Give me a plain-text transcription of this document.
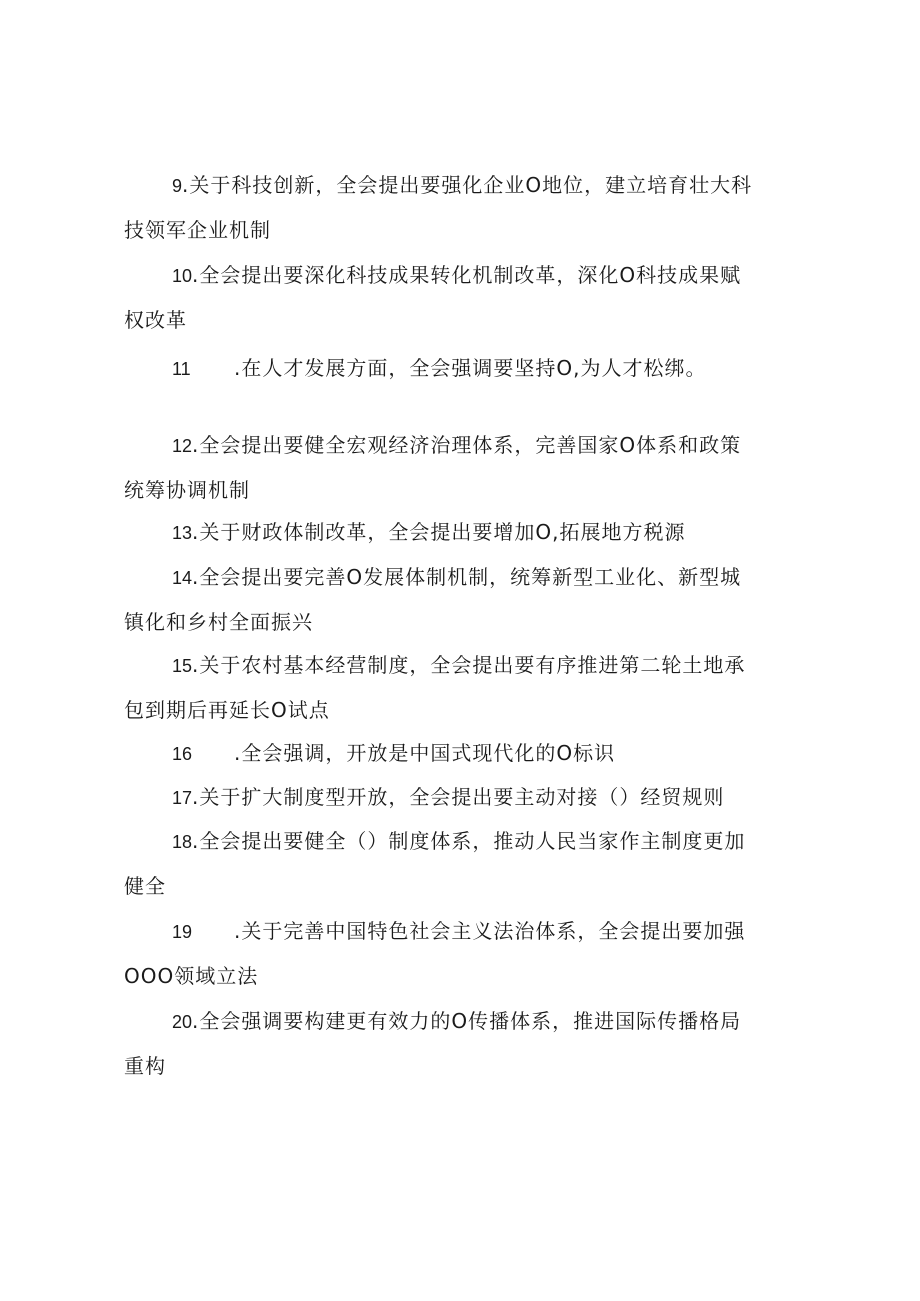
9.关于科技创新，全会提出要强化企业O地位，建立培育壮大科
技领军企业机制
10.全会提出要深化科技成果转化机制改革，深化O科技成果赋
权改革
11 .在人才发展方面，全会强调要坚持O,为人才松绑。
12.全会提出要健全宏观经济治理体系，完善国家O体系和政策
统筹协调机制
13.关于财政体制改革，全会提出要增加O,拓展地方税源
14.全会提出要完善O发展体制机制，统筹新型工业化、新型城
镇化和乡村全面振兴
15.关于农村基本经营制度，全会提出要有序推进第二轮土地承
包到期后再延长O试点
16 .全会强调，开放是中国式现代化的O标识
17.关于扩大制度型开放，全会提出要主动对接（）经贸规则
18.全会提出要健全（）制度体系，推动人民当家作主制度更加
健全
19 .关于完善中国特色社会主义法治体系，全会提出要加强
OOO领域立法
20.全会强调要构建更有效力的O传播体系，推进国际传播格局
重构
